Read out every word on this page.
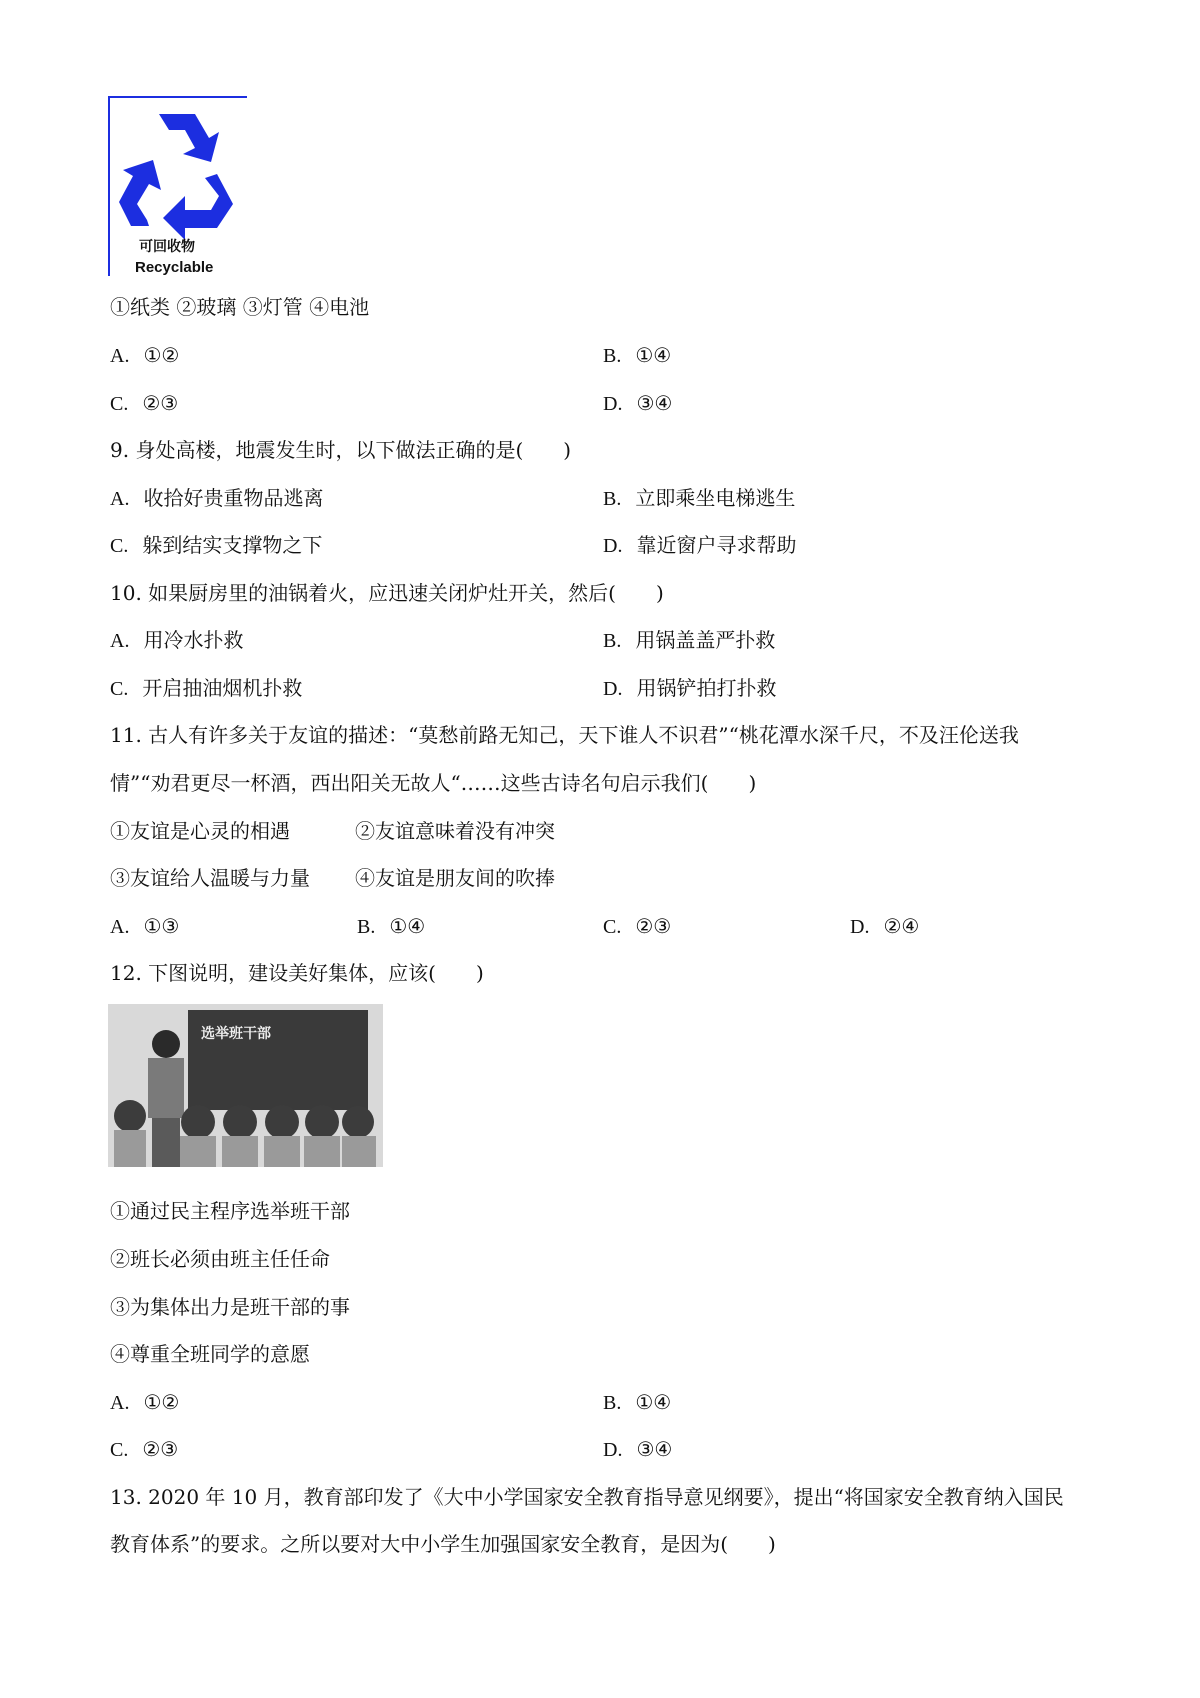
可回收物
Recyclable
①纸类 ②玻璃 ③灯管 ④电池
A. ①②	B. ①④
C. ②③	D. ③④
9. 身处高楼，地震发生时，以下做法正确的是(　　)
A. 收拾好贵重物品逃离	B. 立即乘坐电梯逃生
C. 躲到结实支撑物之下	D. 靠近窗户寻求帮助
10. 如果厨房里的油锅着火，应迅速关闭炉灶开关，然后(　　)
A. 用冷水扑救	B. 用锅盖盖严扑救
C. 开启抽油烟机扑救	D. 用锅铲拍打扑救
11. 古人有许多关于友谊的描述：“莫愁前路无知己，天下谁人不识君”“桃花潭水深千尺，不及汪伦送我
情”“劝君更尽一杯酒，西出阳关无故人“……这些古诗名句启示我们(　　)
①友谊是心灵的相遇	②友谊意味着没有冲突
③友谊给人温暖与力量 ④友谊是朋友间的吹捧
A. ①③	B. ①④	C. ②③	D. ②④
12. 下图说明，建设美好集体，应该(　　)
选举班干部
①通过民主程序选举班干部
②班长必须由班主任任命
③为集体出力是班干部的事
④尊重全班同学的意愿
A. ①②	B. ①④
C. ②③	D. ③④
13. 2020 年 10 月，教育部印发了《大中小学国家安全教育指导意见纲要》，提出“将国家安全教育纳入国民
教育体系”的要求。之所以要对大中小学生加强国家安全教育，是因为(　　)
